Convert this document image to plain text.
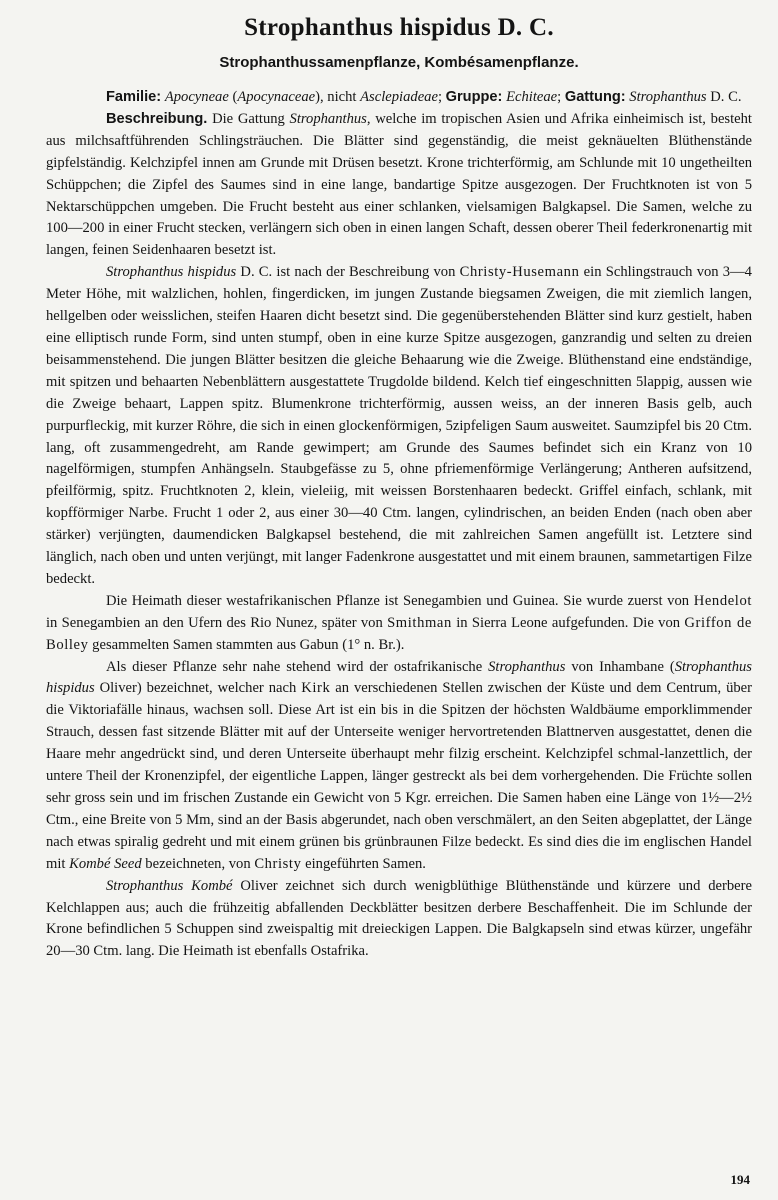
Strophanthus hispidus D. C.
Strophanthussamenpflanze, Kombésamenpflanze.

Familie: Apocyneae (Apocynaceae), nicht Asclepiadeae; Gruppe: Echiteae; Gattung: Strophanthus D. C.

Beschreibung. Die Gattung Strophanthus, welche im tropischen Asien und Afrika einheimisch ist, besteht aus milchsaftführenden Schlingsträuchen. Die Blätter sind gegenständig, die meist geknäuelten Blüthenstände gipfelständig. Kelchzipfel innen am Grunde mit Drüsen besetzt. Krone trichterförmig, am Schlunde mit 10 ungetheilten Schüppchen; die Zipfel des Saumes sind in eine lange, bandartige Spitze ausgezogen. Der Fruchtknoten ist von 5 Nektarschüppchen umgeben. Die Frucht besteht aus einer schlanken, vielsamigen Balgkapsel. Die Samen, welche zu 100—200 in einer Frucht stecken, verlängern sich oben in einen langen Schaft, dessen oberer Theil federkronenartig mit langen, feinen Seidenhaaren besetzt ist.

Strophanthus hispidus D. C. ist nach der Beschreibung von Christy-Husemann ein Schlingstrauch von 3—4 Meter Höhe, mit walzlichen, hohlen, fingerdicken, im jungen Zustande biegsamen Zweigen, die mit ziemlich langen, hellgelben oder weisslichen, steifen Haaren dicht besetzt sind. Die gegenüberstehenden Blätter sind kurz gestielt, haben eine elliptisch runde Form, sind unten stumpf, oben in eine kurze Spitze ausgezogen, ganzrandig und selten zu dreien beisammenstehend. Die jungen Blätter besitzen die gleiche Behaarung wie die Zweige. Blüthenstand eine endständige, mit spitzen und behaarten Nebenblättern ausgestattete Trugdolde bildend. Kelch tief eingeschnitten 5lappig, aussen wie die Zweige behaart, Lappen spitz. Blumenkrone trichterförmig, aussen weiss, an der inneren Basis gelb, auch purpurfleckig, mit kurzer Röhre, die sich in einen glockenförmigen, 5zipfeligen Saum ausweitet. Saumzipfel bis 20 Ctm. lang, oft zusammengedreht, am Rande gewimpert; am Grunde des Saumes befindet sich ein Kranz von 10 nagelförmigen, stumpfen Anhängseln. Staubgefässe zu 5, ohne pfriemenförmige Verlängerung; Antheren aufsitzend, pfeilförmig, spitz. Fruchtknoten 2, klein, vieleiig, mit weissen Borstenhaaren bedeckt. Griffel einfach, schlank, mit kopfförmiger Narbe. Frucht 1 oder 2, aus einer 30—40 Ctm. langen, cylindrischen, an beiden Enden (nach oben aber stärker) verjüngten, daumendicken Balgkapsel bestehend, die mit zahlreichen Samen angefüllt ist. Letztere sind länglich, nach oben und unten verjüngt, mit langer Fadenkrone ausgestattet und mit einem braunen, sammetartigen Filze bedeckt.

Die Heimath dieser westafrikanischen Pflanze ist Senegambien und Guinea. Sie wurde zuerst von Hendelot in Senegambien an den Ufern des Rio Nunez, später von Smithman in Sierra Leone aufgefunden. Die von Griffon de Bolley gesammelten Samen stammten aus Gabun (1° n. Br.).

Als dieser Pflanze sehr nahe stehend wird der ostafrikanische Strophanthus von Inhambane (Strophanthus hispidus Oliver) bezeichnet, welcher nach Kirk an verschiedenen Stellen zwischen der Küste und dem Centrum, über die Viktoriafälle hinaus, wachsen soll. Diese Art ist ein bis in die Spitzen der höchsten Waldbäume emporklimmender Strauch, dessen fast sitzende Blätter mit auf der Unterseite weniger hervortretenden Blattnerven ausgestattet, denen die Haare mehr angedrückt sind, und deren Unterseite überhaupt mehr filzig erscheint. Kelchzipfel schmal-lanzettlich, der untere Theil der Kronenzipfel, der eigentliche Lappen, länger gestreckt als bei dem vorhergehenden. Die Früchte sollen sehr gross sein und im frischen Zustande ein Gewicht von 5 Kgr. erreichen. Die Samen haben eine Länge von 1½—2½ Ctm., eine Breite von 5 Mm, sind an der Basis abgerundet, nach oben verschmälert, an den Seiten abgeplattet, der Länge nach etwas spiralig gedreht und mit einem grünen bis grünbraunen Filze bedeckt. Es sind dies die im englischen Handel mit Kombé Seed bezeichneten, von Christy eingeführten Samen.

Strophanthus Kombé Oliver zeichnet sich durch wenigblüthige Blüthenstände und kürzere und derbere Kelchlappen aus; auch die frühzeitig abfallenden Deckblätter besitzen derbere Beschaffenheit. Die im Schlunde der Krone befindlichen 5 Schuppen sind zweispaltig mit dreieckigen Lappen. Die Balgkapseln sind etwas kürzer, ungefähr 20—30 Ctm. lang. Die Heimath ist ebenfalls Ostafrika.

194
